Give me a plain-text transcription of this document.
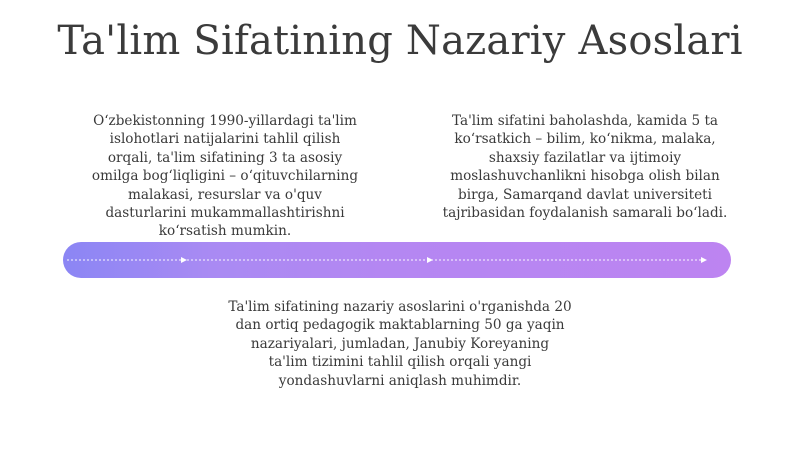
Ta'lim Sifatining Nazariy Asoslari
O‘zbekistonning 1990-yillardagi ta'lim
islohotlari natijalarini tahlil qilish
orqali, ta'lim sifatining 3 ta asosiy
omilga bog‘liqligini – o‘qituvchilarning
malakasi, resurslar va o'quv
dasturlarini mukammallashtirishni
ko‘rsatish mumkin.
Ta'lim sifatini baholashda, kamida 5 ta
ko‘rsatkich – bilim, ko‘nikma, malaka,
shaxsiy fazilatlar va ijtimoiy
moslashuvchanlikni hisobga olish bilan
birga, Samarqand davlat universiteti
tajribasidan foydalanish samarali bo‘ladi.
Ta'lim sifatining nazariy asoslarini o'rganishda 20
dan ortiq pedagogik maktablarning 50 ga yaqin
nazariyalari, jumladan, Janubiy Koreyaning
ta'lim tizimini tahlil qilish orqali yangi
yondashuvlarni aniqlash muhimdir.
